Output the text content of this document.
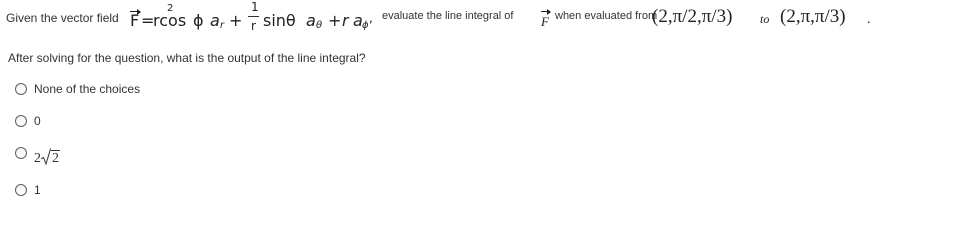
Given the vector field
2
F =
rcos ϕ a r +
1
r sinθ a θ + r a ϕ
, evaluate the line integral of F when evaluated from
(2,π/2,π/3) to (2,π,π/3) .
After solving for the question, what is the output of the line integral?
None of the choices
0
2 2
1
